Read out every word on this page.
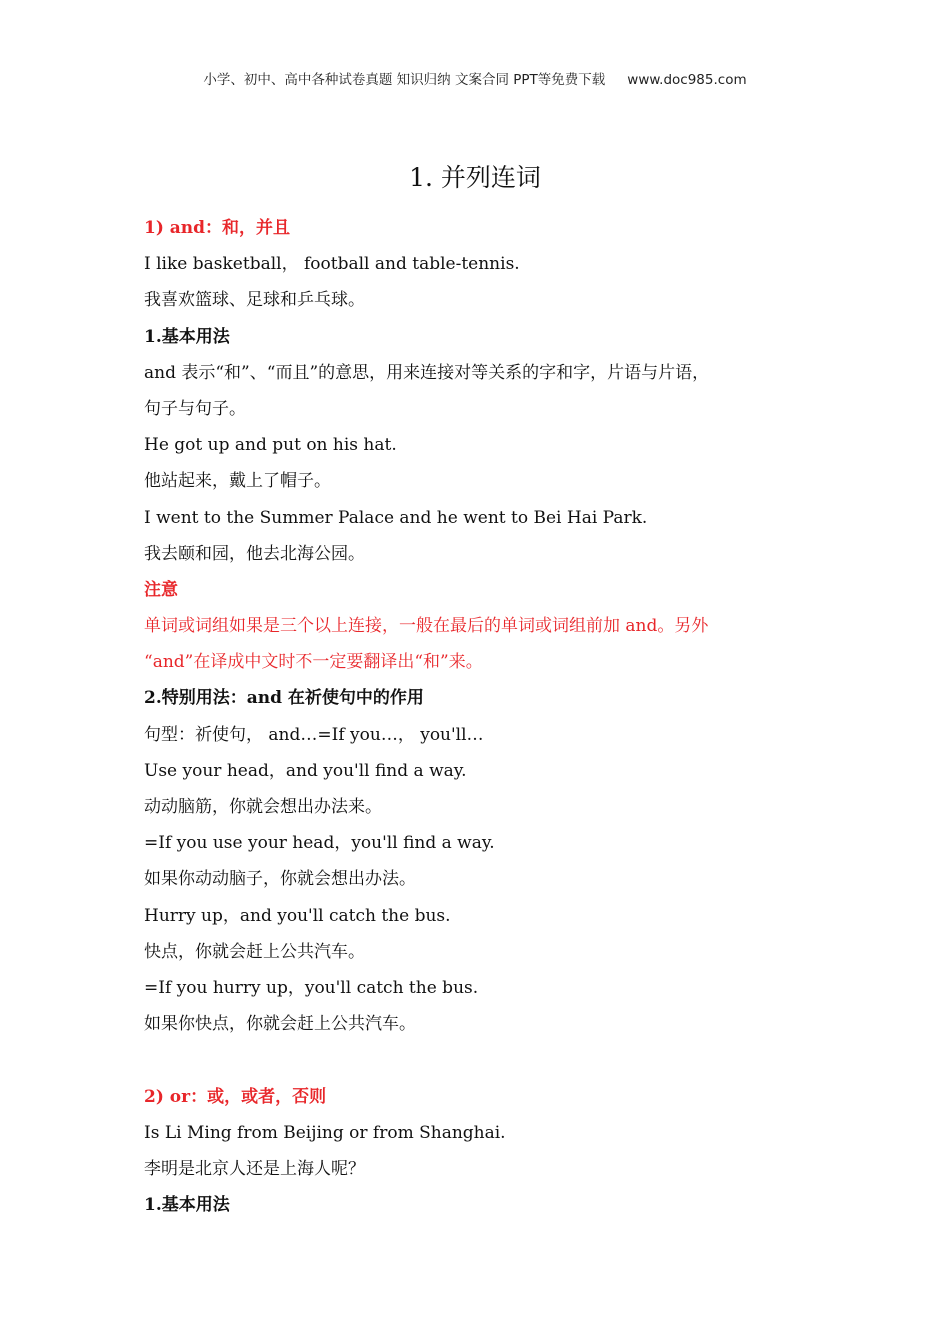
小学、初中、高中各种试卷真题 知识归纳 文案合同 PPT等免费下载 www.doc985.com
1. 并列连词
1) and：和，并且
I like basketball， football and table-tennis.
我喜欢篮球、足球和乒乓球。
1.基本用法
and 表示“和”、“而且”的意思，用来连接对等关系的字和字，片语与片语，
句子与句子。
He got up and put on his hat.
他站起来，戴上了帽子。
I went to the Summer Palace and he went to Bei Hai Park.
我去颐和园，他去北海公园。
注意
单词或词组如果是三个以上连接，一般在最后的单词或词组前加 and。另外
“and”在译成中文时不一定要翻译出“和”来。
2.特别用法：and 在祈使句中的作用
句型：祈使句， and…=If you…， you'll…
Use your head，and you'll find a way.
动动脑筋，你就会想出办法来。
=If you use your head，you'll find a way.
如果你动动脑子，你就会想出办法。
Hurry up，and you'll catch the bus.
快点，你就会赶上公共汽车。
=If you hurry up，you'll catch the bus.
如果你快点，你就会赶上公共汽车。
2) or：或，或者，否则
Is Li Ming from Beijing or from Shanghai.
李明是北京人还是上海人呢？
1.基本用法
